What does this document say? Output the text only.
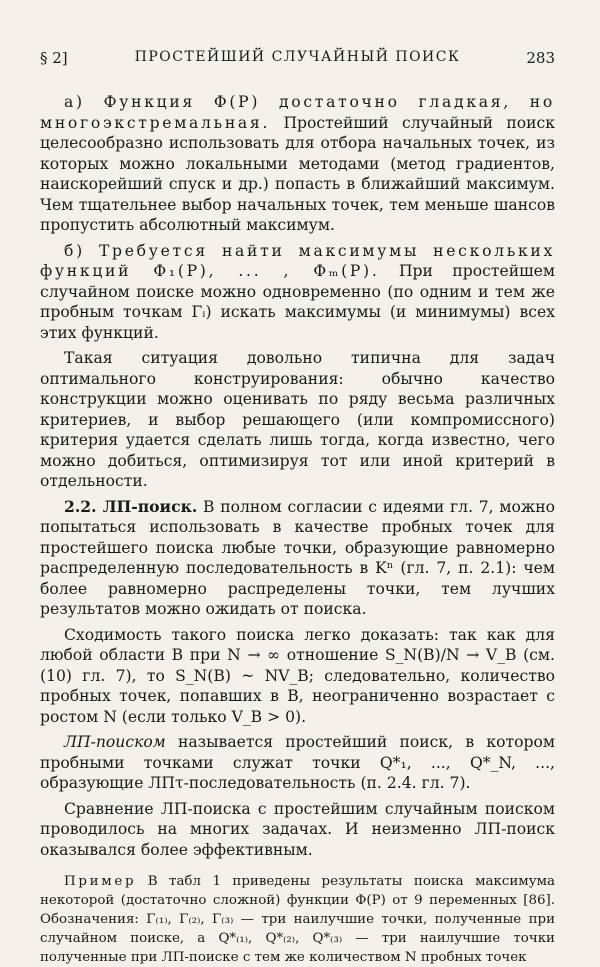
§ 2]	ПРОСТЕЙШИЙ СЛУЧАЙНЫЙ ПОИСК	283

а) Функция Φ(P) достаточно гладкая, но многоэкстремальная. Простейший случайный поиск целесообразно использовать для отбора начальных точек, из которых можно локальными методами (метод градиентов, наискорейший спуск и др.) попасть в ближайший максимум. Чем тщательнее выбор начальных точек, тем меньше шансов пропустить абсолютный максимум.

б) Требуется найти максимумы нескольких функций Φ₁(P), ... , Φₘ(P). При простейшем случайном поиске можно одновременно (по одним и тем же пробным точкам Γᵢ) искать максимумы (и минимумы) всех этих функций.

Такая ситуация довольно типична для задач оптимального конструирования: обычно качество конструкции можно оценивать по ряду весьма различных критериев, и выбор решающего (или компромиссного) критерия удается сделать лишь тогда, когда известно, чего можно добиться, оптимизируя тот или иной критерий в отдельности.

2.2. ЛП-поиск. В полном согласии с идеями гл. 7, можно попытаться использовать в качестве пробных точек для простейшего поиска любые точки, образующие равномерно распределенную последовательность в Kⁿ (гл. 7, п. 2.1): чем более равномерно распределены точки, тем лучших результатов можно ожидать от поиска.

Сходимость такого поиска легко доказать: так как для любой области B при N → ∞ отношение S_N(B)/N → V_B (см. (10) гл. 7), то S_N(B) ~ NV_B; следовательно, количество пробных точек, попавших в B, неограниченно возрастает с ростом N (если только V_B > 0).

ЛП-поиском называется простейший поиск, в котором пробными точками служат точки Q*₁, ..., Q*_N, ..., образующие ЛПτ-последовательность (п. 2.4. гл. 7).

Сравнение ЛП-поиска с простейшим случайным поиском проводилось на многих задачах. И неизменно ЛП-поиск оказывался более эффективным.

Пример В табл 1 приведены результаты поиска максимума некоторой (достаточно сложной) функции Φ(P) от 9 переменных [86]. Обозначения: Γ₍₁₎, Γ₍₂₎, Γ₍₃₎ — три наилучшие точки, полученные при случайном поиске, а Q*₍₁₎, Q*₍₂₎, Q*₍₃₎ — три наилучшие точки полученные при ЛП-поиске с тем же количеством N пробных точек
